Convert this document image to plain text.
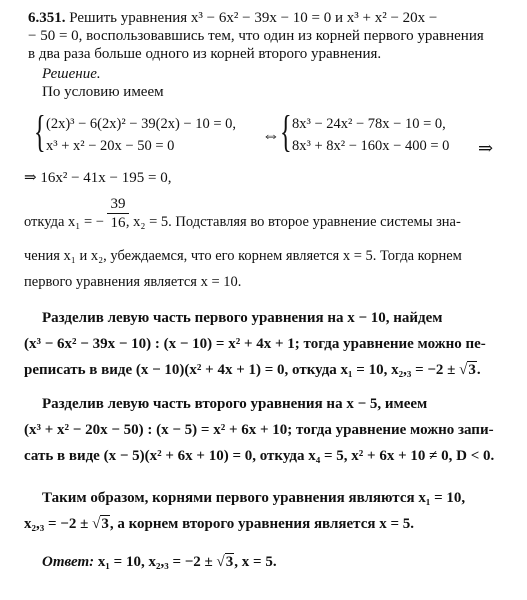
6.351. Решить уравнения x³ − 6x² − 39x − 10 = 0 и x³ + x² − 20x −
− 50 = 0, воспользовавшись тем, что один из корней первого уравнения
в два раза больше одного из корней второго уравнения.
Решение.
По условию имеем
{ (2x)³ − 6(2x)² − 39(2x) − 10 = 0,
x³ + x² − 20x − 50 = 0
⇔ { 8x³ − 24x² − 78x − 10 = 0,
8x³ + 8x² − 160x − 400 = 0 ⇒
⇒ 16x² − 41x − 195 = 0,
откуда x₁ = − , x₂ = 5. Подставляя во второе уравнение системы зна-
39
16
чения x₁ и x₂, убеждаемся, что его корнем является x = 5. Тогда корнем
первого уравнения является x = 10.
Разделив левую часть первого уравнения на x − 10, найдем
(x³ − 6x² − 39x − 10) : (x − 10) = x² + 4x + 1; тогда уравнение можно пе-
реписать в виде (x − 10)(x² + 4x + 1) = 0, откуда x₁ = 10, x₂,₃ = −2 ± √3.
Разделив левую часть второго уравнения на x − 5, имеем
(x³ + x² − 20x − 50) : (x − 5) = x² + 6x + 10; тогда уравнение можно запи-
сать в виде (x − 5)(x² + 6x + 10) = 0, откуда x₄ = 5, x² + 6x + 10 ≠ 0, D < 0.
Таким образом, корнями первого уравнения являются x₁ = 10,
x₂,₃ = −2 ± √3, а корнем второго уравнения является x = 5.
Ответ: x₁ = 10, x₂,₃ = −2 ± √3, x = 5.
